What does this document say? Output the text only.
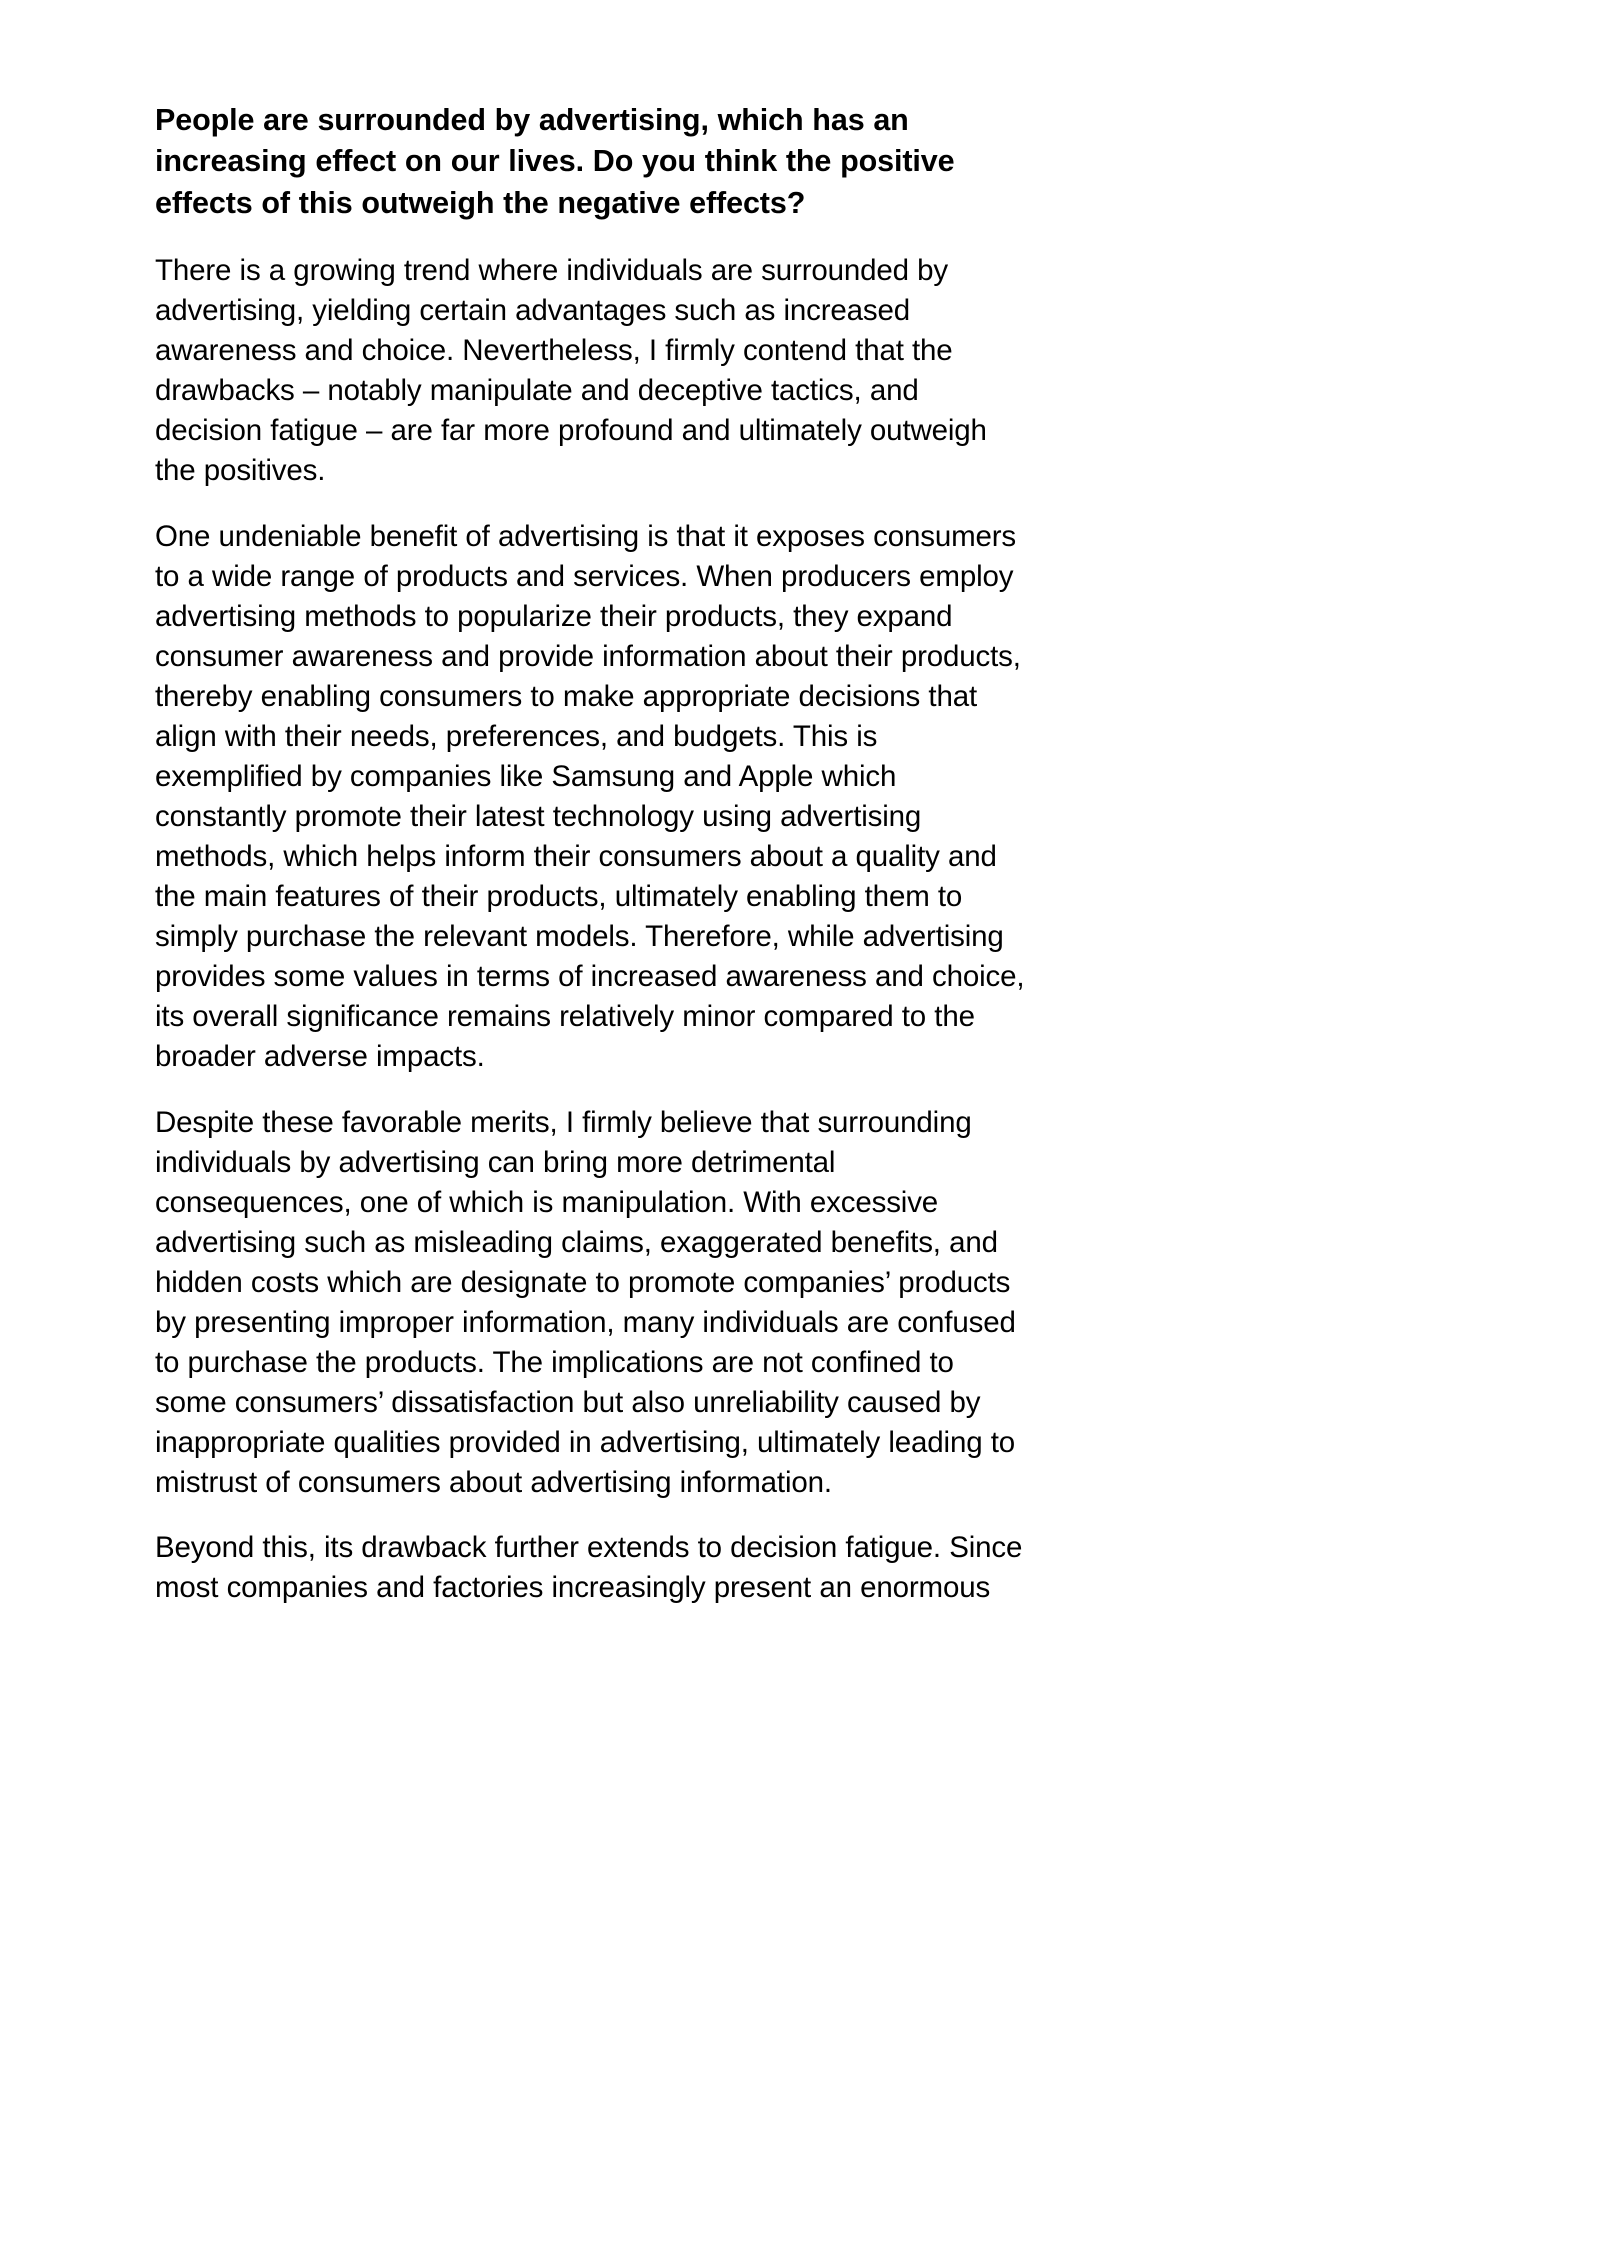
People are surrounded by advertising, which has an increasing effect on our lives. Do you think the positive effects of this outweigh the negative effects?

There is a growing trend where individuals are surrounded by advertising, yielding certain advantages such as increased awareness and choice. Nevertheless, I firmly contend that the drawbacks – notably manipulate and deceptive tactics, and decision fatigue – are far more profound and ultimately outweigh the positives.

One undeniable benefit of advertising is that it exposes consumers to a wide range of products and services. When producers employ advertising methods to popularize their products, they expand consumer awareness and provide information about their products, thereby enabling consumers to make appropriate decisions that align with their needs, preferences, and budgets. This is exemplified by companies like Samsung and Apple which constantly promote their latest technology using advertising methods, which helps inform their consumers about a quality and the main features of their products, ultimately enabling them to simply purchase the relevant models. Therefore, while advertising provides some values in terms of increased awareness and choice, its overall significance remains relatively minor compared to the broader adverse impacts.

Despite these favorable merits, I firmly believe that surrounding individuals by advertising can bring more detrimental consequences, one of which is manipulation. With excessive advertising such as misleading claims, exaggerated benefits, and hidden costs which are designate to promote companies’ products by presenting improper information, many individuals are confused to purchase the products. The implications are not confined to some consumers’ dissatisfaction but also unreliability caused by inappropriate qualities provided in advertising, ultimately leading to mistrust of consumers about advertising information.

Beyond this, its drawback further extends to decision fatigue. Since most companies and factories increasingly present an enormous
